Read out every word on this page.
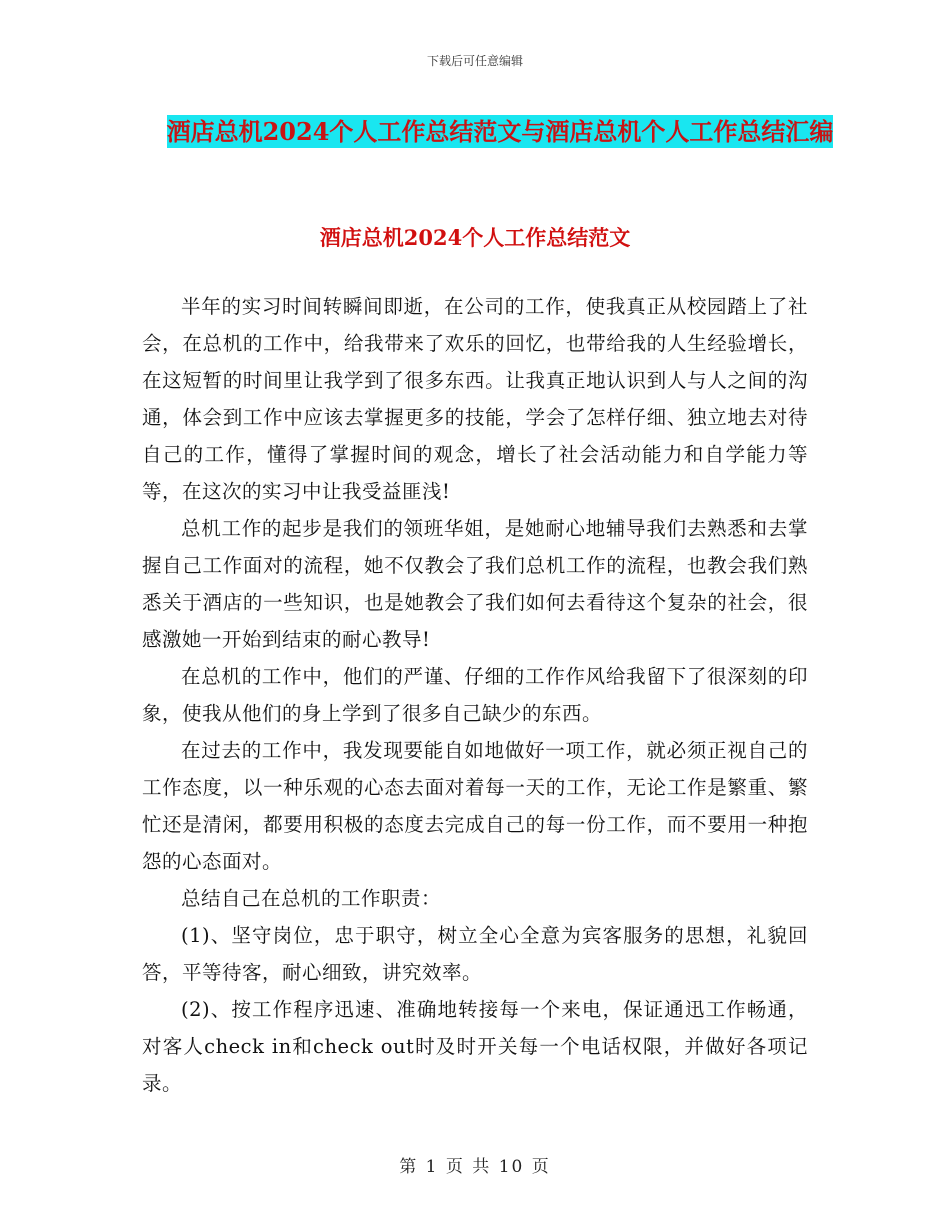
下载后可任意编辑
酒店总机2024个人工作总结范文与酒店总机个人工作总结汇编
酒店总机2024个人工作总结范文

半年的实习时间转瞬间即逝，在公司的工作，使我真正从校园踏上了社会，在总机的工作中，给我带来了欢乐的回忆，也带给我的人生经验增长，在这短暂的时间里让我学到了很多东西。让我真正地认识到人与人之间的沟通，体会到工作中应该去掌握更多的技能，学会了怎样仔细、独立地去对待自己的工作，懂得了掌握时间的观念，增长了社会活动能力和自学能力等等，在这次的实习中让我受益匪浅!

总机工作的起步是我们的领班华姐，是她耐心地辅导我们去熟悉和去掌握自己工作面对的流程，她不仅教会了我们总机工作的流程，也教会我们熟悉关于酒店的一些知识，也是她教会了我们如何去看待这个复杂的社会，很感激她一开始到结束的耐心教导!

在总机的工作中，他们的严谨、仔细的工作作风给我留下了很深刻的印象，使我从他们的身上学到了很多自己缺少的东西。

在过去的工作中，我发现要能自如地做好一项工作，就必须正视自己的工作态度，以一种乐观的心态去面对着每一天的工作，无论工作是繁重、繁忙还是清闲，都要用积极的态度去完成自己的每一份工作，而不要用一种抱怨的心态面对。

总结自己在总机的工作职责：

(1)、坚守岗位，忠于职守，树立全心全意为宾客服务的思想，礼貌回答，平等待客，耐心细致，讲究效率。

(2)、按工作程序迅速、准确地转接每一个来电，保证通迅工作畅通，对客人check in和check out时及时开关每一个电话权限，并做好各项记录。

第 1 页 共 10 页
